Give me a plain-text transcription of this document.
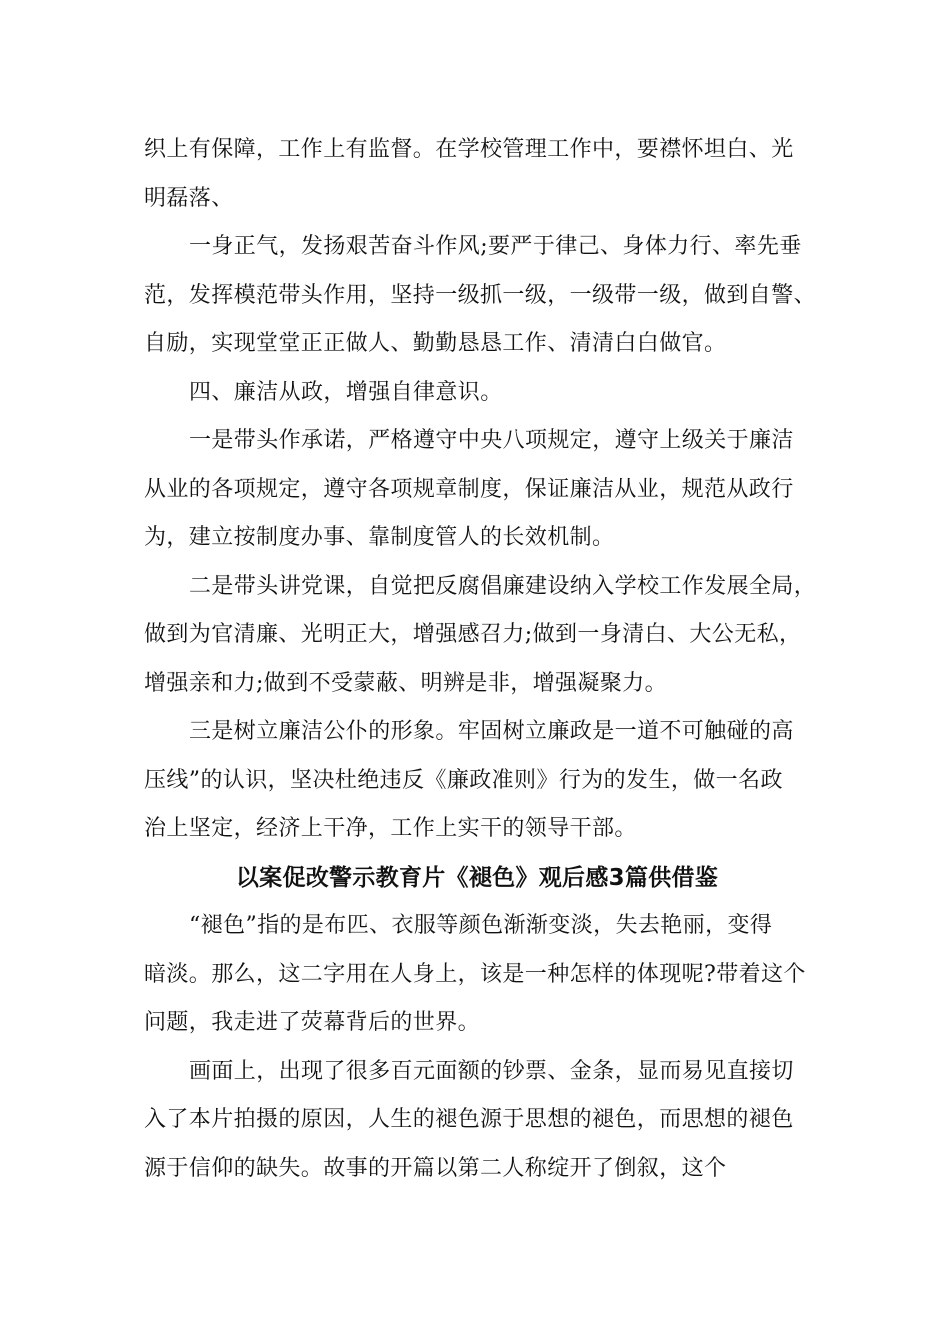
织上有保障，工作上有监督。在学校管理工作中，要襟怀坦白、光
明磊落、
一身正气，发扬艰苦奋斗作风;要严于律己、身体力行、率先垂
范，发挥模范带头作用，坚持一级抓一级，一级带一级，做到自警、
自励，实现堂堂正正做人、勤勤恳恳工作、清清白白做官。
四、廉洁从政，增强自律意识。
一是带头作承诺，严格遵守中央八项规定，遵守上级关于廉洁
从业的各项规定，遵守各项规章制度，保证廉洁从业，规范从政行
为，建立按制度办事、靠制度管人的长效机制。
二是带头讲党课，自觉把反腐倡廉建设纳入学校工作发展全局，
做到为官清廉、光明正大，增强感召力;做到一身清白、大公无私，
增强亲和力;做到不受蒙蔽、明辨是非，增强凝聚力。
三是树立廉洁公仆的形象。牢固树立廉政是一道不可触碰的高
压线”的认识，坚决杜绝违反《廉政准则》行为的发生，做一名政
治上坚定，经济上干净，工作上实干的领导干部。
以案促改警示教育片《褪色》观后感3篇供借鉴
“褪色”指的是布匹、衣服等颜色渐渐变淡，失去艳丽，变得
暗淡。那么，这二字用在人身上，该是一种怎样的体现呢?带着这个
问题，我走进了荧幕背后的世界。
画面上，出现了很多百元面额的钞票、金条，显而易见直接切
入了本片拍摄的原因，人生的褪色源于思想的褪色，而思想的褪色
源于信仰的缺失。故事的开篇以第二人称绽开了倒叙，这个
